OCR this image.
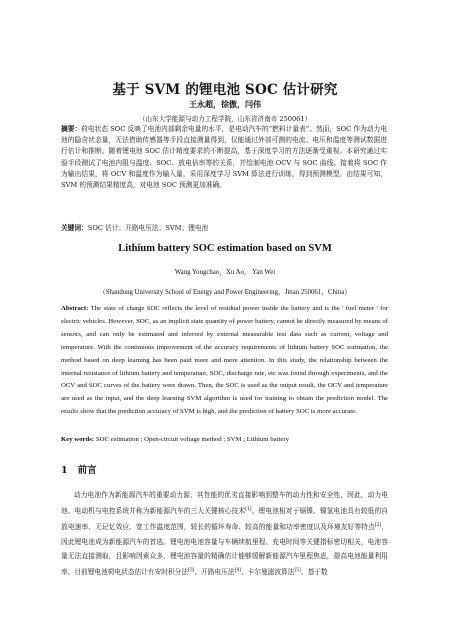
基于 SVM 的锂电池 SOC 估计研究
王永超，徐傲，闫伟
（山东大学能源与动力工程学院，山东省济南市 250061）
摘要：荷电状态 SOC 反映了电池内部剩余电量的水平，是电动汽车的“燃料计量表”。然而，SOC 作为动力电池的隐含状态量，无法借助传感器等手段直接测量得到，仅能通过外部可测的电流、电压和温度等测试数据进行估计和推断。随着锂电池 SOC 估计精度要求的不断提高，基于深度学习的方法逐渐受重视。本研究通过实验手段测试了电池内阻与温度、SOC、放电倍率等的关系，并绘制电池 OCV 与 SOC 曲线。接着将 SOC 作为输出结果，将 OCV 和温度作为输入量，采用深度学习 SVM 算法进行训练，得到预测模型。由结果可知，SVM 的预测结果精度高，对电池 SOC 预测更加准确。
关键词：SOC 估计；开路电压法；SVM；锂电池
Lithium battery SOC estimation based on SVM
Wang Yongchao，Xu Ao， Yan Wei
（Shandong University School of Energy and Power Engineering，Jinan 250061，China）
Abstract: The state of charge SOC reflects the level of residual power inside the battery and is the ' fuel meter ' for electric vehicles. However, SOC, as an implicit state quantity of power battery, cannot be directly measured by means of sensors, and can only be estimated and inferred by external measurable test data such as current, voltage and temperature. With the continuous improvement of the accuracy requirements of lithium battery SOC estimation, the method based on deep learning has been paid more and more attention. In this study, the relationship between the internal resistance of lithium battery and temperature, SOC, discharge rate, etc was found through experiments, and the OCV and SOC curves of the battery were drawn. Then, the SOC is used as the output result, the OCV and temperature are used as the input, and the deep learning SVM algorithm is used for training to obtain the prediction model. The results show that the prediction accuracy of SVM is high, and the prediction of battery SOC is more accurate.
Key words: SOC estimation ; Open-circuit voltage method ; SVM ; Lithium battery
1 前言
动力电池作为新能源汽车的重要动力源，其性能的优劣直接影响到整车的动力性和安全性，因此，动力电池、电动机与电控系统并称为新能源汽车的三大关键核心技术[1]。锂电池相对于镉镍、镍氢电池具有较低的自放电速率、无记忆效应、宽工作温度范围，较长的循环寿命、较高的能量和功率密度以及环境友好等特点[2]，因此锂电池成为新能源汽车的首选。锂电池电池容量与车辆续航里程、充电时间等关键指标密切相关，电池容量无法直接测取，且影响因素众多，锂电池容量的精确估计能够缓解新能源汽车里程焦虑，提高电池能量利用率。目前锂电池荷电状态估计有安时积分法[3]、开路电压法[4]、卡尔曼滤波算法[5]、基于数
